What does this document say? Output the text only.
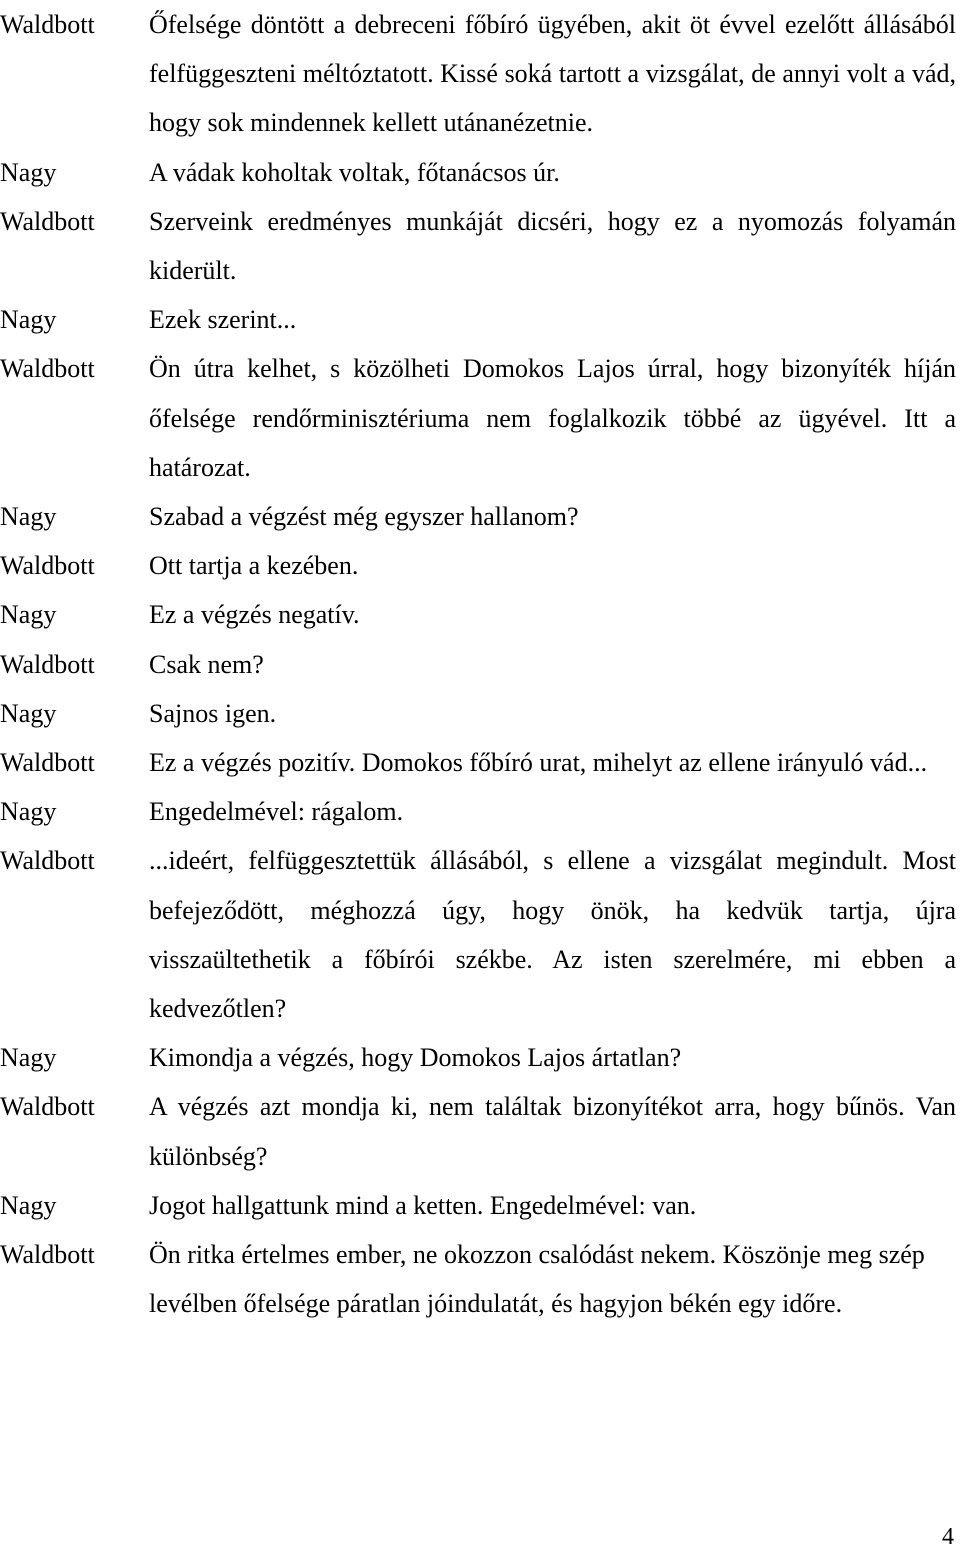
Waldbott	Őfelsége döntött a debreceni főbíró ügyében, akit öt évvel ezelőtt állásából felfüggeszteni méltóztatott. Kissé soká tartott a vizsgálat, de annyi volt a vád, hogy sok mindennek kellett utánanézetnie.
Nagy	A vádak koholtak voltak, főtanácsos úr.
Waldbott	Szerveink eredményes munkáját dicséri, hogy ez a nyomozás folyamán kiderült.
Nagy	Ezek szerint...
Waldbott	Ön útra kelhet, s közölheti Domokos Lajos úrral, hogy bizonyíték híján őfelsége rendőrminisztériuma nem foglalkozik többé az ügyével. Itt a határozat.
Nagy	Szabad a végzést még egyszer hallanom?
Waldbott	Ott tartja a kezében.
Nagy	Ez a végzés negatív.
Waldbott	Csak nem?
Nagy	Sajnos igen.
Waldbott	Ez a végzés pozitív. Domokos főbíró urat, mihelyt az ellene irányuló vád...
Nagy	Engedelmével: rágalom.
Waldbott	...ideért, felfüggesztettük állásából, s ellene a vizsgálat megindult. Most befejeződött, méghozzá úgy, hogy önök, ha kedvük tartja, újra visszaültethetik a főbírói székbe. Az isten szerelmére, mi ebben a kedvezőtlen?
Nagy	Kimondja a végzés, hogy Domokos Lajos ártatlan?
Waldbott	A végzés azt mondja ki, nem találtak bizonyítékot arra, hogy bűnös. Van különbség?
Nagy	Jogot hallgattunk mind a ketten. Engedelmével: van.
Waldbott	Ön ritka értelmes ember, ne okozzon csalódást nekem. Köszönje meg szép levélben őfelsége páratlan jóindulatát, és hagyjon békén egy időre.
4
